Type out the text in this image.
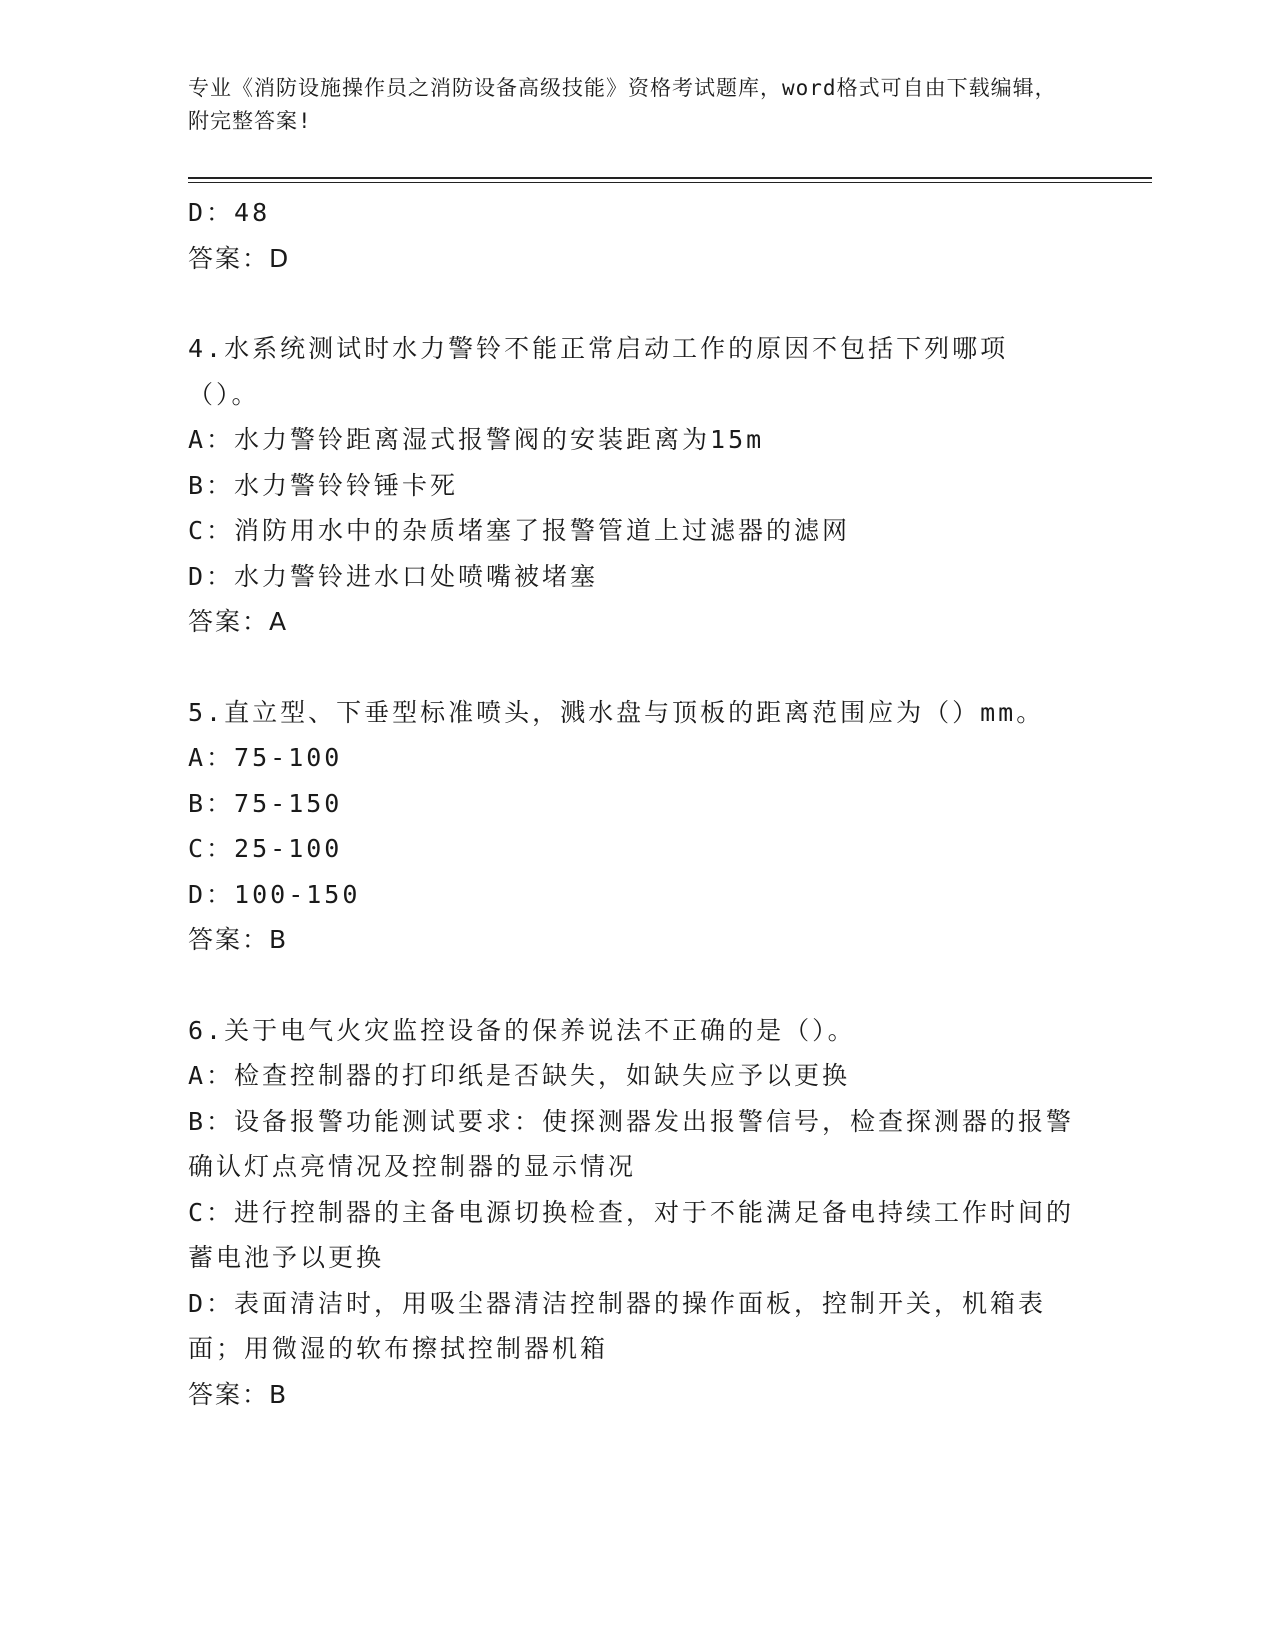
专业《消防设施操作员之消防设备高级技能》资格考试题库，word格式可自由下载编辑，附完整答案!
D：48
答案：D
4.水系统测试时水力警铃不能正常启动工作的原因不包括下列哪项（）。
A：水力警铃距离湿式报警阀的安装距离为15m
B：水力警铃铃锤卡死
C：消防用水中的杂质堵塞了报警管道上过滤器的滤网
D：水力警铃进水口处喷嘴被堵塞
答案：A
5.直立型、下垂型标准喷头，溅水盘与顶板的距离范围应为（）mm。
A：75-100
B：75-150
C：25-100
D：100-150
答案：B
6.关于电气火灾监控设备的保养说法不正确的是（）。
A：检查控制器的打印纸是否缺失，如缺失应予以更换
B：设备报警功能测试要求：使探测器发出报警信号，检查探测器的报警确认灯点亮情况及控制器的显示情况
C：进行控制器的主备电源切换检查，对于不能满足备电持续工作时间的蓄电池予以更换
D：表面清洁时，用吸尘器清洁控制器的操作面板，控制开关，机箱表面；用微湿的软布擦拭控制器机箱
答案：B
